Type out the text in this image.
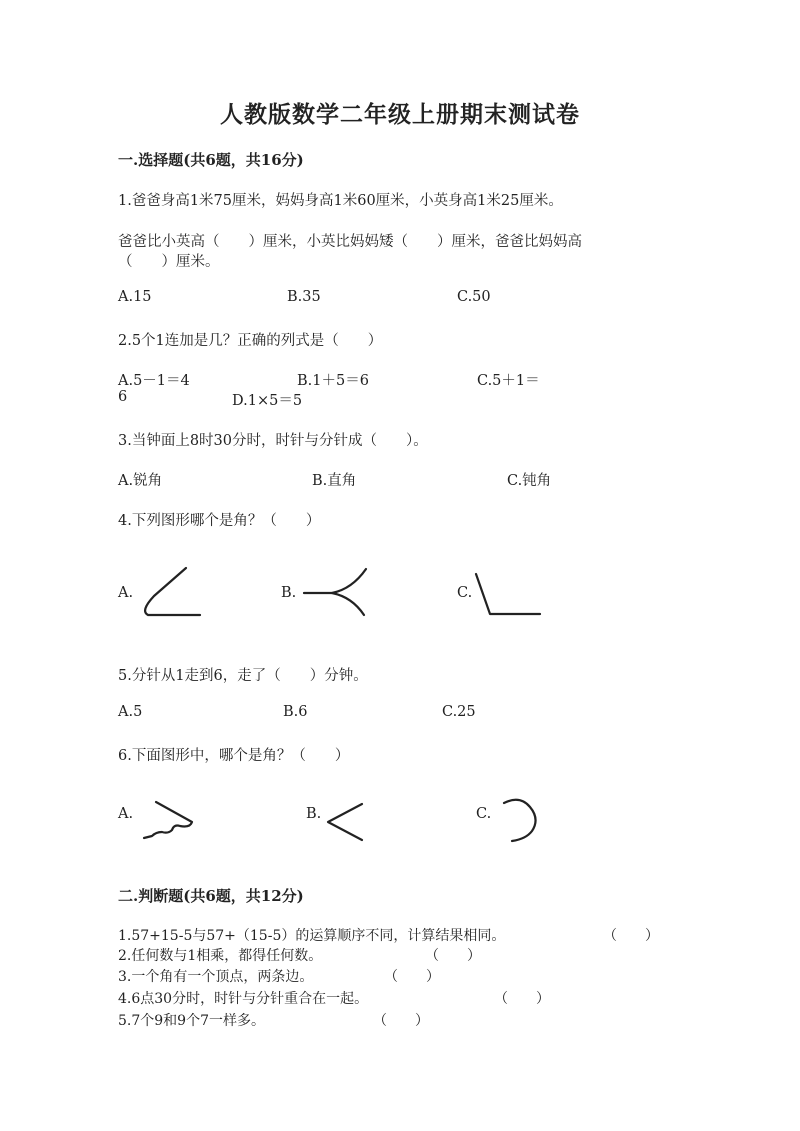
人教版数学二年级上册期末测试卷
一.选择题(共6题，共16分)
1.爸爸身高1米75厘米，妈妈身高1米60厘米，小英身高1米25厘米。
爸爸比小英高（　　）厘米，小英比妈妈矮（　　）厘米，爸爸比妈妈高
（　　）厘米。
A.15	B.35	C.50
2.5个1连加是几？正确的列式是（　　）
A.5－1＝4	B.1＋5＝6	C.5＋1＝
6	D.1×5＝5
3.当钟面上8时30分时，时针与分针成（　　）。
A.锐角	B.直角	C.钝角
4.下列图形哪个是角？（　　）
A.	B.	C.
5.分针从1走到6，走了（　　）分钟。
A.5	B.6	C.25
6.下面图形中，哪个是角？（　　）
A.	B.	C.
二.判断题(共6题，共12分)
1.57+15-5与57+（15-5）的运算顺序不同，计算结果相同。	（　　）
2.任何数与1相乘，都得任何数。	（　　）
3.一个角有一个顶点，两条边。	（　　）
4.6点30分时，时针与分针重合在一起。	（　　）
5.7个9和9个7一样多。	（　　）
